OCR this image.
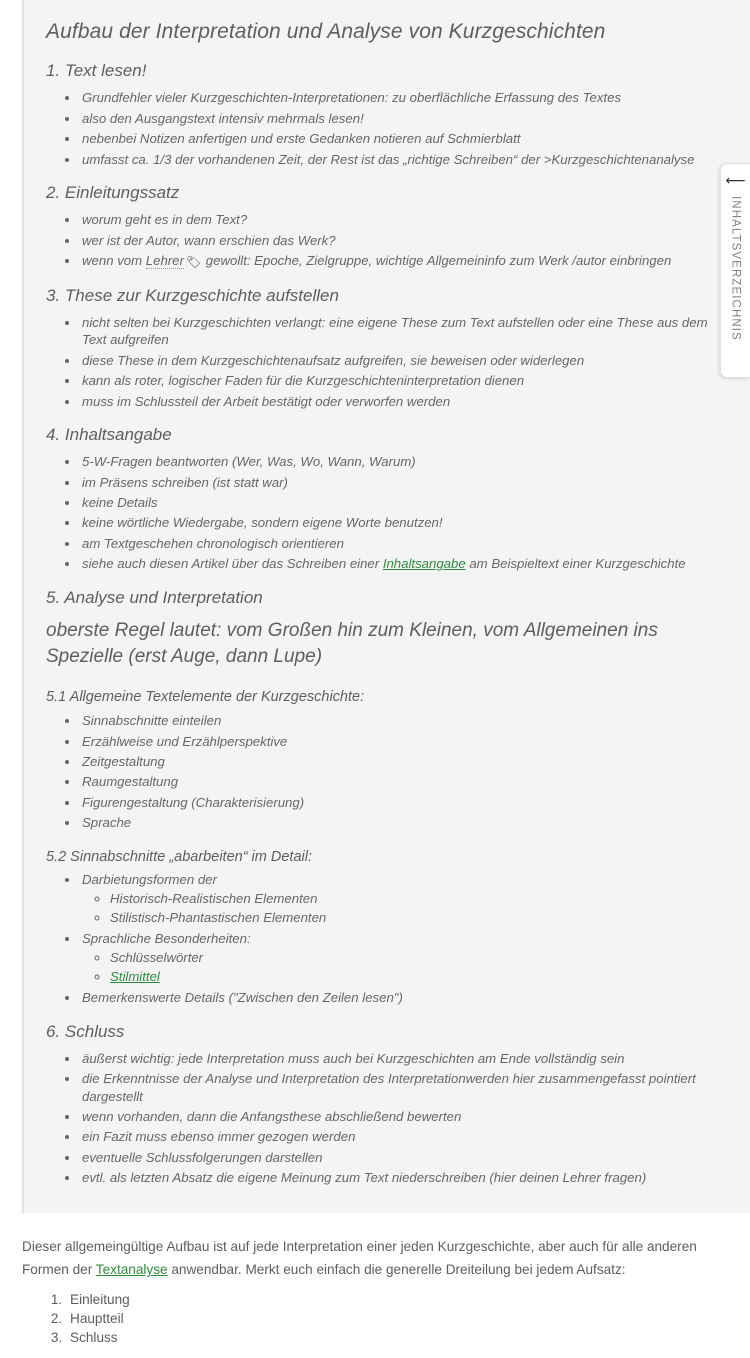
⟵
INHALTSVERZEICHNIS
Aufbau der Interpretation und Analyse von Kurzgeschichten
1. Text lesen!
• Grundfehler vieler Kurzgeschichten-Interpretationen: zu oberflächliche Erfassung des Textes
• also den Ausgangstext intensiv mehrmals lesen!
• nebenbei Notizen anfertigen und erste Gedanken notieren auf Schmierblatt
• umfasst ca. 1/3 der vorhandenen Zeit, der Rest ist das „richtige Schreiben“ der >Kurzgeschichtenanalyse
2. Einleitungssatz
• worum geht es in dem Text?
• wer ist der Autor, wann erschien das Werk?
• wenn vom Lehrer 🏷 gewollt: Epoche, Zielgruppe, wichtige Allgemeininfo zum Werk /autor einbringen
3. These zur Kurzgeschichte aufstellen
• nicht selten bei Kurzgeschichten verlangt: eine eigene These zum Text aufstellen oder eine These aus dem Text aufgreifen
• diese These in dem Kurzgeschichtenaufsatz aufgreifen, sie beweisen oder widerlegen
• kann als roter, logischer Faden für die Kurzgeschichteninterpretation dienen
• muss im Schlussteil der Arbeit bestätigt oder verworfen werden
4. Inhaltsangabe
• 5-W-Fragen beantworten (Wer, Was, Wo, Wann, Warum)
• im Präsens schreiben (ist statt war)
• keine Details
• keine wörtliche Wiedergabe, sondern eigene Worte benutzen!
• am Textgeschehen chronologisch orientieren
• siehe auch diesen Artikel über das Schreiben einer Inhaltsangabe am Beispieltext einer Kurzgeschichte
5. Analyse und Interpretation

oberste Regel lautet: vom Großen hin zum Kleinen, vom Allgemeinen ins Spezielle (erst Auge, dann Lupe)

5.1 Allgemeine Textelemente der Kurzgeschichte:
• Sinnabschnitte einteilen
• Erzählweise und Erzählperspektive
• Zeitgestaltung
• Raumgestaltung
• Figurengestaltung (Charakterisierung)
• Sprache
5.2 Sinnabschnitte „abarbeiten“ im Detail:
• Darbietungsformen der
◦ Historisch-Realistischen Elementen
◦ Stilistisch-Phantastischen Elementen
• Sprachliche Besonderheiten:
◦ Schlüsselwörter
◦ Stilmittel
• Bemerkenswerte Details ("Zwischen den Zeilen lesen")
6. Schluss
• äußerst wichtig: jede Interpretation muss auch bei Kurzgeschichten am Ende vollständig sein
• die Erkenntnisse der Analyse und Interpretation des Interpretationwerden hier zusammengefasst pointiert dargestellt
• wenn vorhanden, dann die Anfangsthese abschließend bewerten
• ein Fazit muss ebenso immer gezogen werden
• eventuelle Schlussfolgerungen darstellen
• evtl. als letzten Absatz die eigene Meinung zum Text niederschreiben (hier deinen Lehrer fragen)

Dieser allgemeingültige Aufbau ist auf jede Interpretation einer jeden Kurzgeschichte, aber auch für alle anderen Formen der Textanalyse anwendbar. Merkt euch einfach die generelle Dreiteilung bei jedem Aufsatz:

1. Einleitung
2. Hauptteil
3. Schluss
